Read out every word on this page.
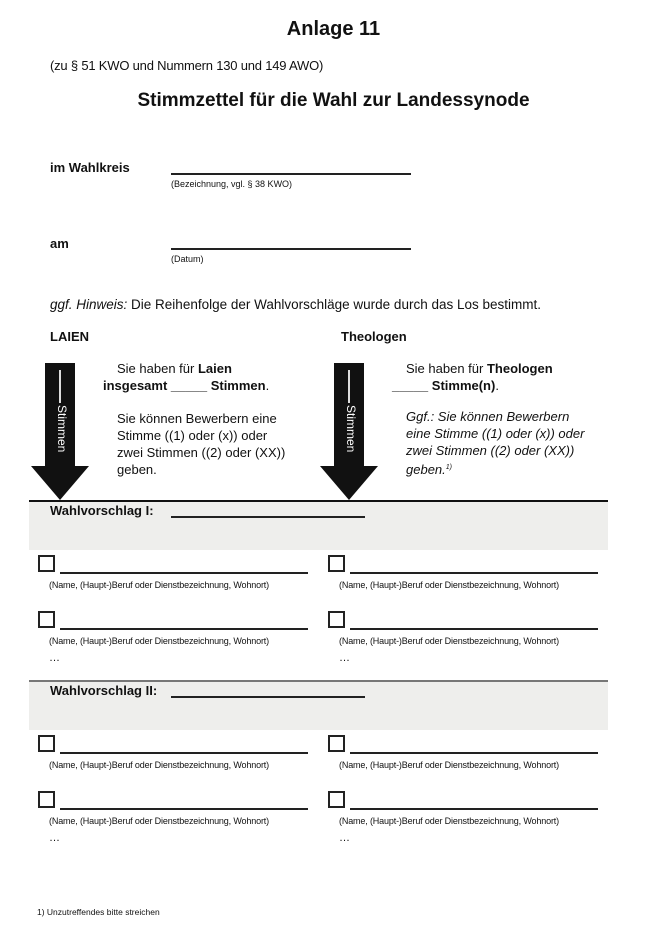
Anlage 11
(zu § 51 KWO und Nummern 130 und 149 AWO)
Stimmzettel für die Wahl zur Landessynode
im Wahlkreis
(Bezeichnung, vgl. § 38 KWO)
am
(Datum)
ggf. Hinweis: Die Reihenfolge der Wahlvorschläge wurde durch das Los bestimmt.
LAIEN	Theologen
Stimmen	Stimmen
Sie haben für Laien
insgesamt _____ Stimmen.
Sie können Bewerbern eine
Stimme ((1) oder (x)) oder
zwei Stimmen ((2) oder (XX))
geben.
Sie haben für Theologen
_____ Stimme(n).
Ggf.: Sie können Bewerbern
eine Stimme ((1) oder (x)) oder
zwei Stimmen ((2) oder (XX))
geben.$^{1)}$
Wahlvorschlag I:
(Name, (Haupt-)Beruf oder Dienstbezeichnung, Wohnort)	(Name, (Haupt-)Beruf oder Dienstbezeichnung, Wohnort)
(Name, (Haupt-)Beruf oder Dienstbezeichnung, Wohnort)	(Name, (Haupt-)Beruf oder Dienstbezeichnung, Wohnort)
…	…
Wahlvorschlag II:
(Name, (Haupt-)Beruf oder Dienstbezeichnung, Wohnort)	(Name, (Haupt-)Beruf oder Dienstbezeichnung, Wohnort)
(Name, (Haupt-)Beruf oder Dienstbezeichnung, Wohnort)	(Name, (Haupt-)Beruf oder Dienstbezeichnung, Wohnort)
…	…
1) Unzutreffendes bitte streichen
